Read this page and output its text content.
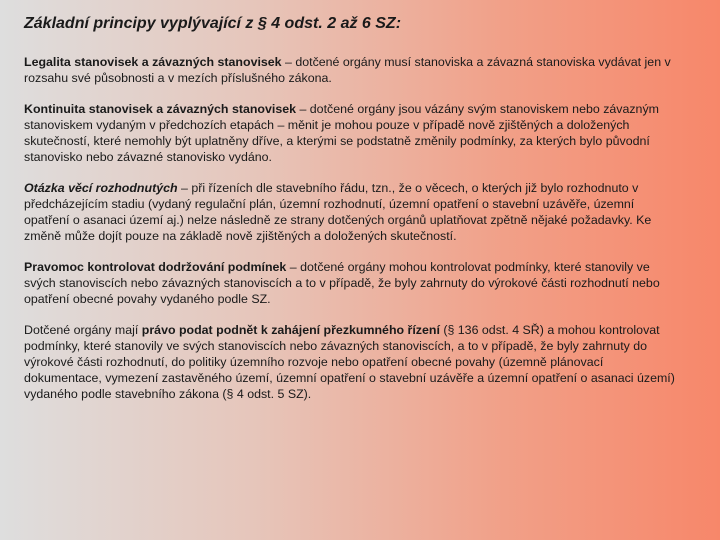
Základní principy vyplývající z § 4 odst. 2 až 6 SZ:

Legalita stanovisek a závazných stanovisek – dotčené orgány musí stanoviska a závazná stanoviska vydávat jen v rozsahu své působnosti a v mezích příslušného zákona.

Kontinuita stanovisek a závazných stanovisek – dotčené orgány jsou vázány svým stanoviskem nebo závazným stanoviskem vydaným v předchozích etapách – měnit je mohou pouze v případě nově zjištěných a doložených skutečností, které nemohly být uplatněny dříve, a kterými se podstatně změnily podmínky, za kterých bylo původní stanovisko nebo závazné stanovisko vydáno.

Otázka věcí rozhodnutých – při řízeních dle stavebního řádu, tzn., že o věcech, o kterých již bylo rozhodnuto v předcházejícím stadiu (vydaný regulační plán, územní rozhodnutí, územní opatření o stavební uzávěře, územní opatření o asanaci území aj.) nelze následně ze strany dotčených orgánů uplatňovat zpětně nějaké požadavky. Ke změně může dojít pouze na základě nově zjištěných a doložených skutečností.

Pravomoc kontrolovat dodržování podmínek – dotčené orgány mohou kontrolovat podmínky, které stanovily ve svých stanoviscích nebo závazných stanoviscích a to v případě, že byly zahrnuty do výrokové části rozhodnutí nebo opatření obecné povahy vydaného podle SZ.

Dotčené orgány mají právo podat podnět k zahájení přezkumného řízení (§ 136 odst. 4 SŘ) a mohou kontrolovat podmínky, které stanovily ve svých stanoviscích nebo závazných stanoviscích, a to v případě, že byly zahrnuty do výrokové části rozhodnutí, do politiky územního rozvoje nebo opatření obecné povahy (územně plánovací dokumentace, vymezení zastavěného území, územní opatření o stavební uzávěře a územní opatření o asanaci území) vydaného podle stavebního zákona (§ 4 odst. 5 SZ).
